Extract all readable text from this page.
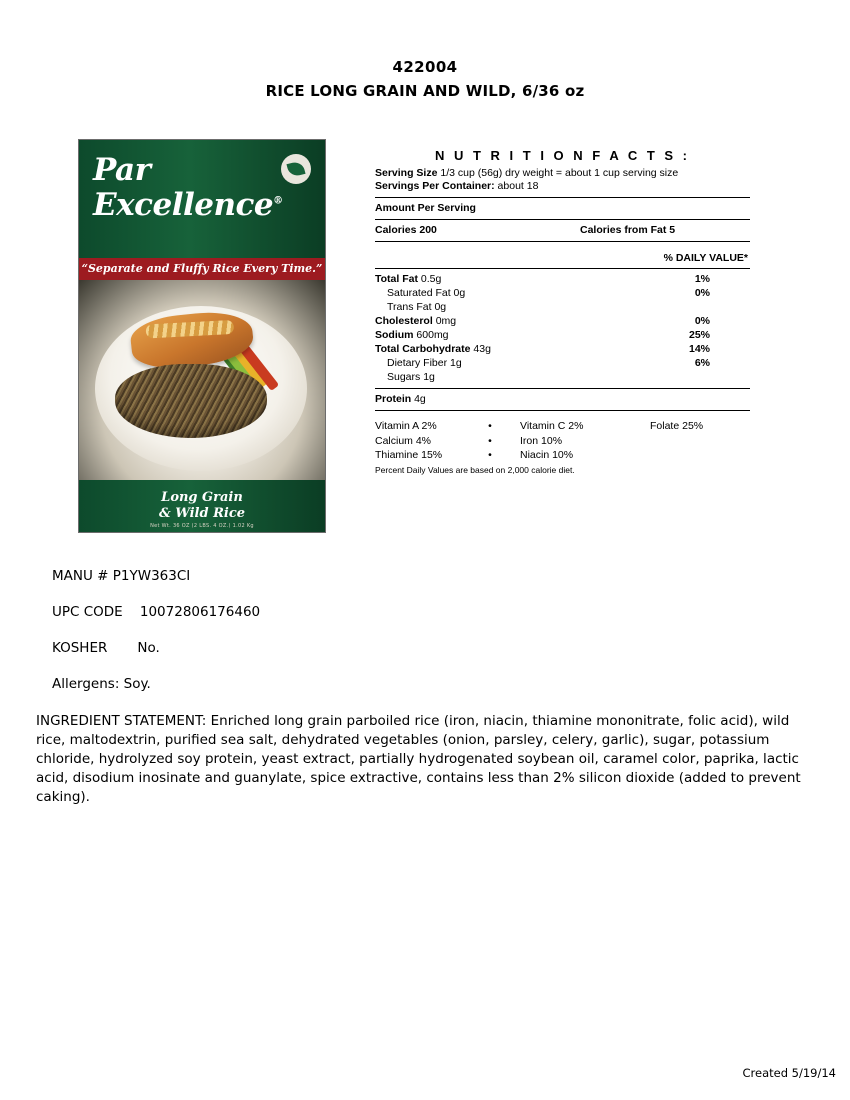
422004
RICE LONG GRAIN AND WILD, 6/36 oz
Par
Excellence®
“Separate and Fluffy Rice Every Time.”
Long Grain
& Wild Rice
Net Wt. 36 OZ (2 LBS. 4 OZ.) 1.02 Kg
N U T R I T I O N F A C T S :
Serving Size 1/3 cup (56g) dry weight = about 1 cup serving size
Servings Per Container: about 18
Amount Per Serving
Calories 200	Calories from Fat 5
% DAILY VALUE*
Total Fat 0.5g	1%
Saturated Fat 0g	0%
Trans Fat 0g
Cholesterol 0mg	0%
Sodium 600mg	25%
Total Carbohydrate 43g	14%
Dietary Fiber 1g	6%
Sugars 1g
Protein 4g
Vitamin A 2%	•	Vitamin C 2%	Folate 25%
Calcium 4%	•	Iron 10%	
Thiamine 15%	•	Niacin 10%	
Percent Daily Values are based on 2,000 calorie diet.
MANU # P1YW363CI
UPC CODE    10072806176460
KOSHER       No.
Allergens: Soy.
INGREDIENT STATEMENT: Enriched long grain parboiled rice (iron, niacin, thiamine mononitrate, folic acid), wild rice, maltodextrin, purified sea salt, dehydrated vegetables (onion, parsley, celery, garlic), sugar, potassium chloride, hydrolyzed soy protein, yeast extract, partially hydrogenated soybean oil, caramel color, paprika, lactic acid, disodium inosinate and guanylate, spice extractive, contains less than 2% silicon dioxide (added to prevent caking).
Created 5/19/14
